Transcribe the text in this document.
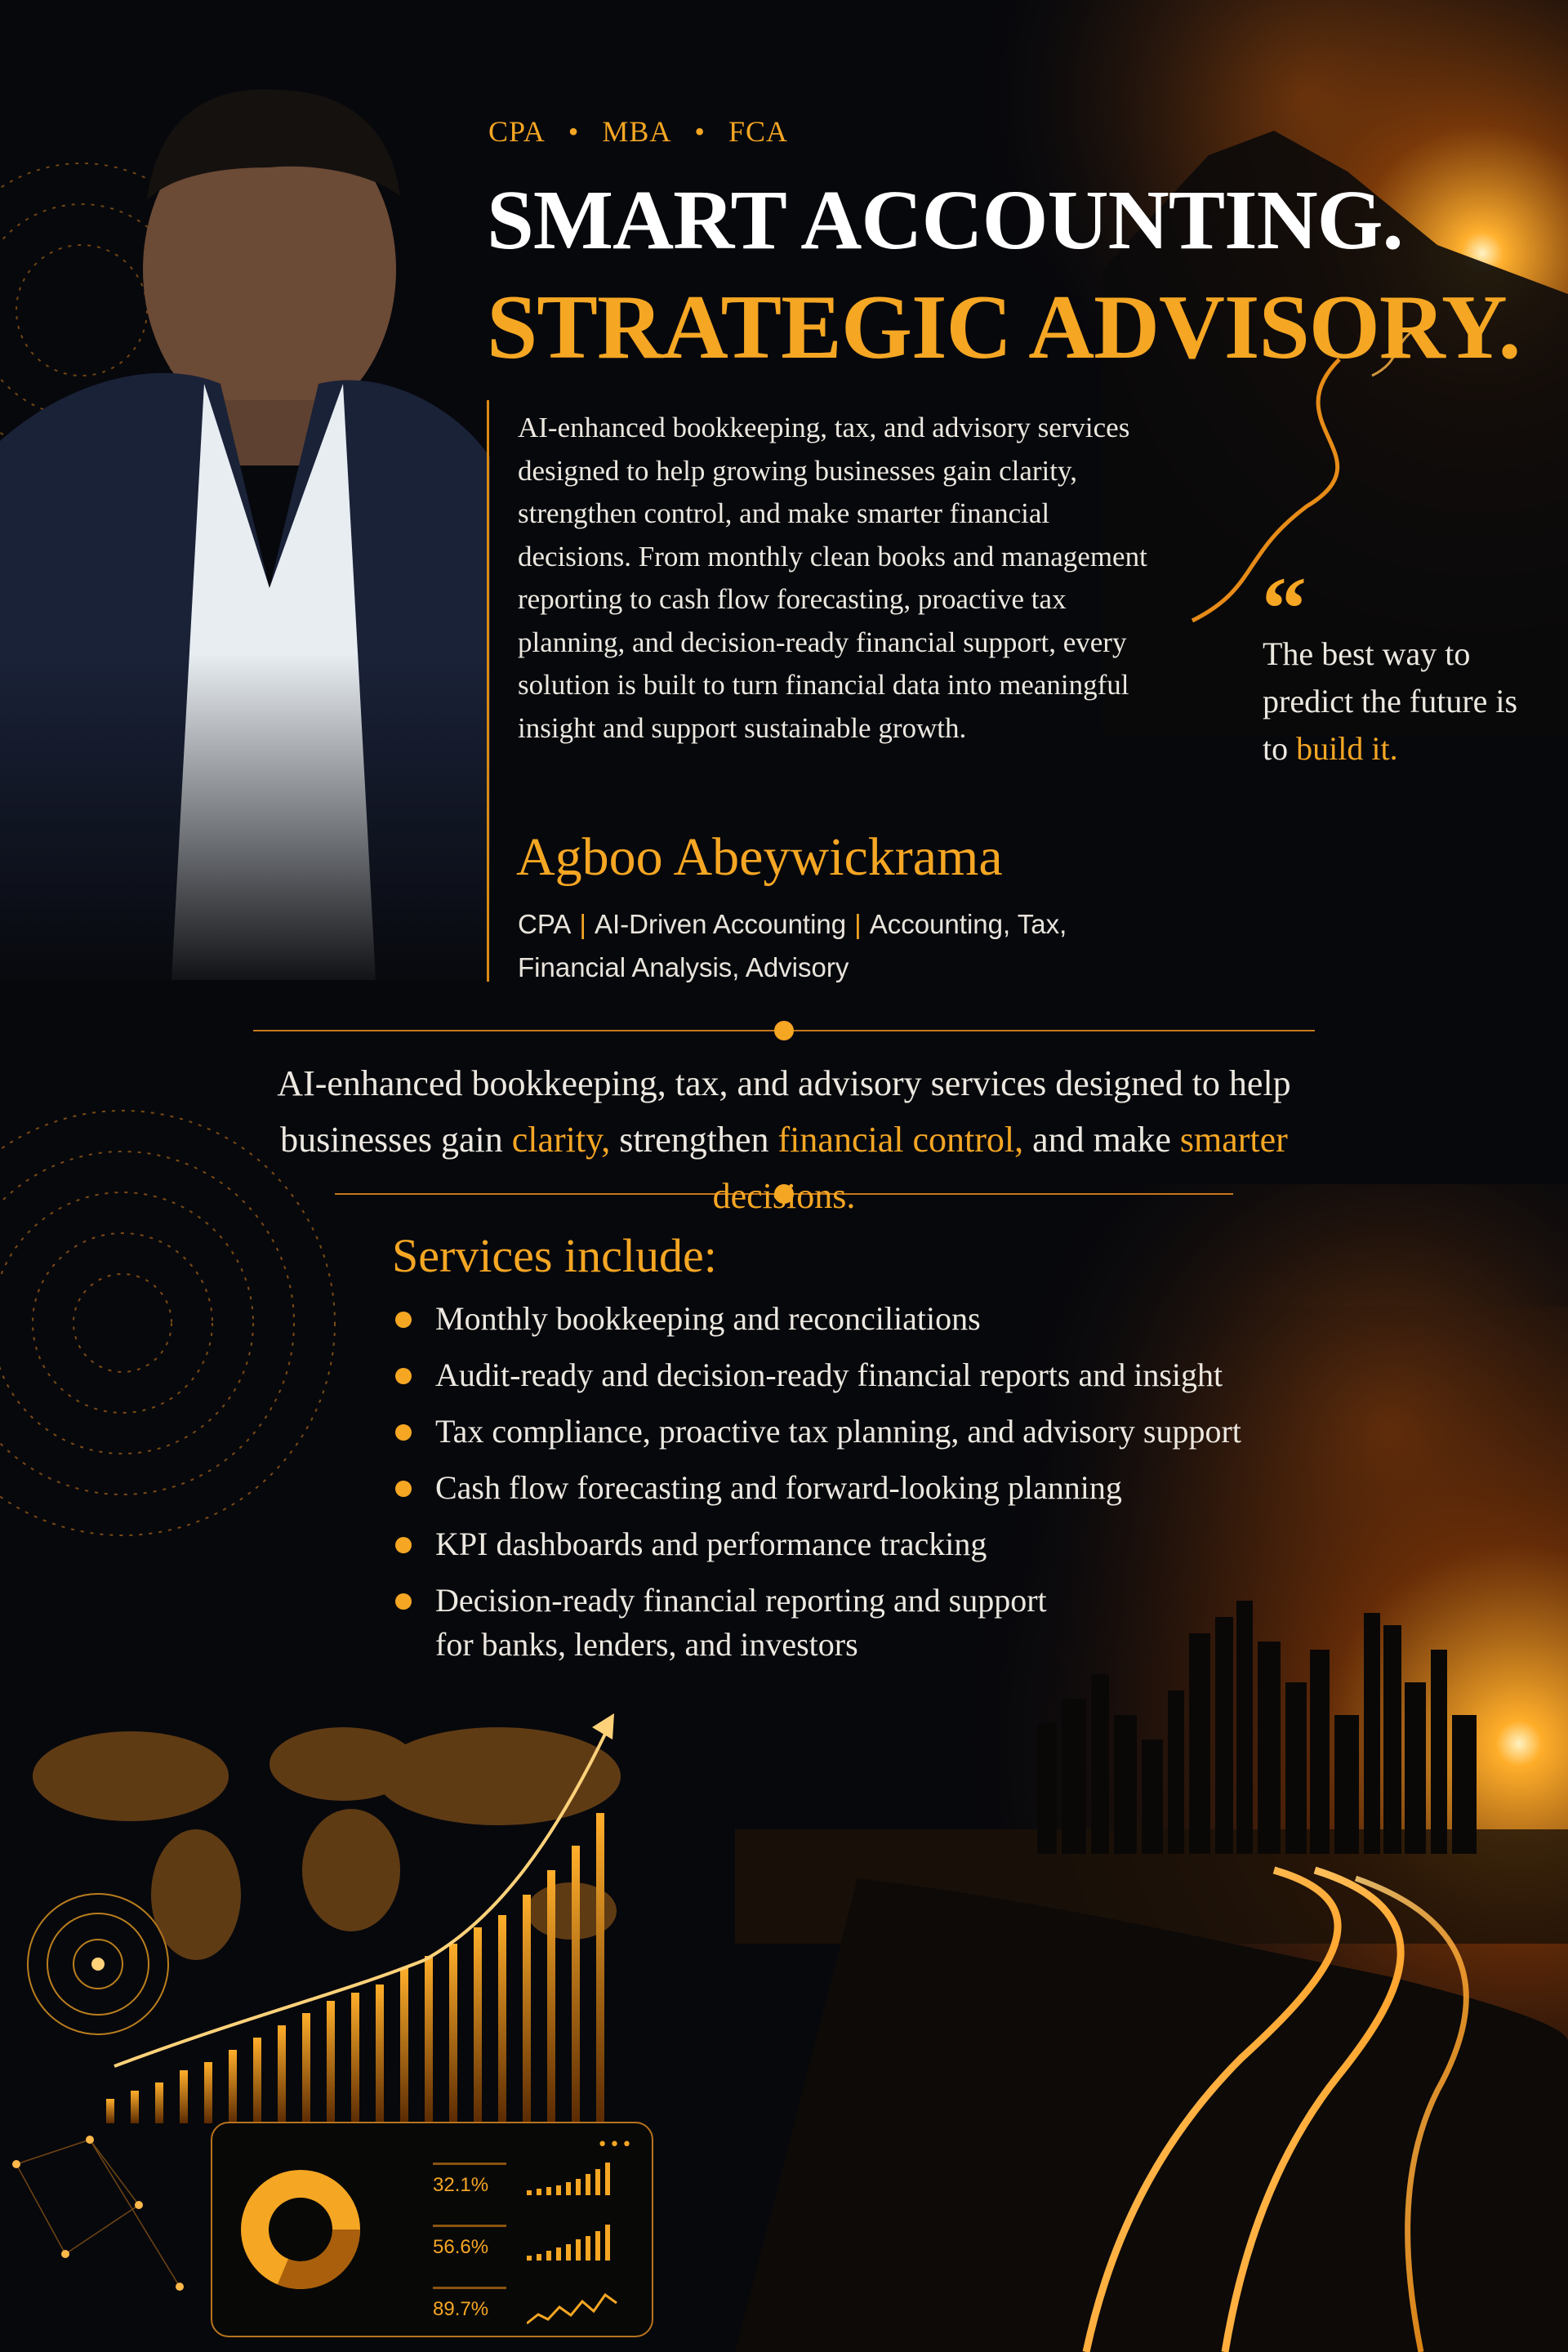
CPA • MBA • FCA
SMART ACCOUNTING.
STRATEGIC ADVISORY.
AI-enhanced bookkeeping, tax, and advisory services designed to help growing businesses gain clarity, strengthen control, and make smarter financial decisions. From monthly clean books and management reporting to cash flow forecasting, proactive tax planning, and decision-ready financial support, every solution is built to turn financial data into meaningful insight and support sustainable growth.
Agboo Abeywickrama
CPA | AI-Driven Accounting | Accounting, Tax, Financial Analysis, Advisory
“
The best way to predict the future is to build it.
AI-enhanced bookkeeping, tax, and advisory services designed to help businesses gain clarity, strengthen financial control, and make smarter decisions.
Services include:
Monthly bookkeeping and reconciliations
Audit-ready and decision-ready financial reports and insight
Tax compliance, proactive tax planning, and advisory support
Cash flow forecasting and forward-looking planning
KPI dashboards and performance tracking
Decision-ready financial reporting and support for banks, lenders, and investors
•••
32.1%
56.6%
89.7%
